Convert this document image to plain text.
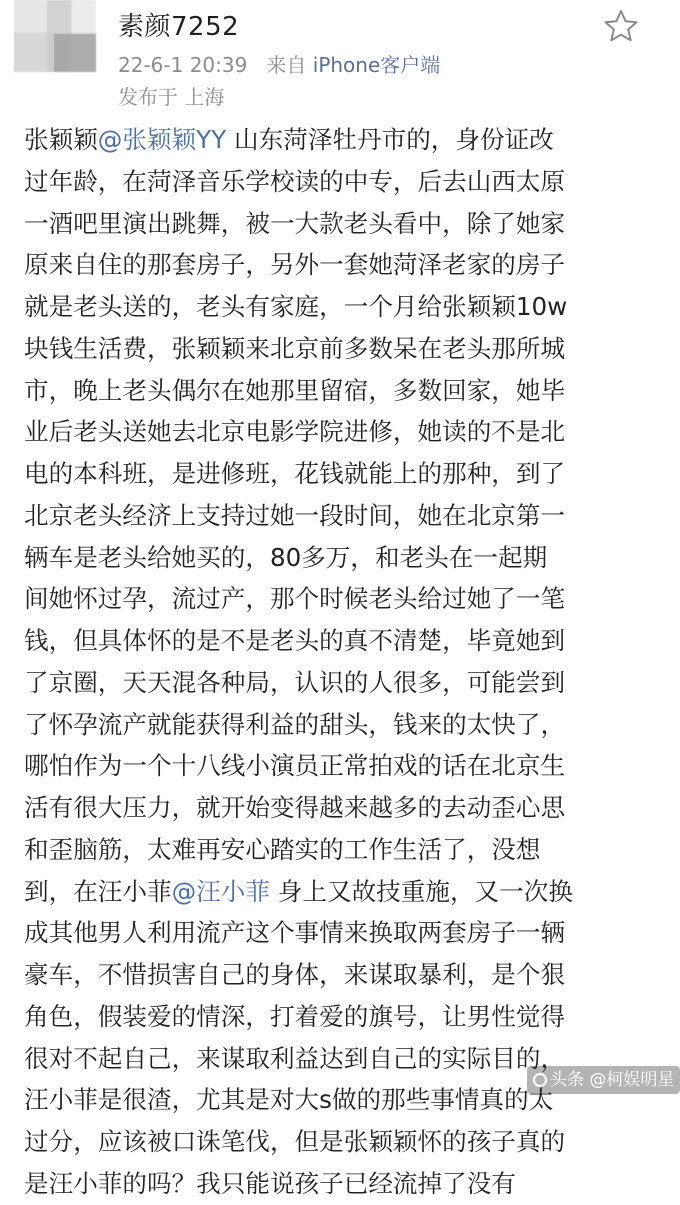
素颜7252
22-6-1 20:39 来自 iPhone客户端
发布于 上海
张颖颖@张颖颖YY 山东菏泽牡丹市的，身份证改
过年龄，在菏泽音乐学校读的中专，后去山西太原
一酒吧里演出跳舞，被一大款老头看中，除了她家
原来自住的那套房子，另外一套她菏泽老家的房子
就是老头送的，老头有家庭，一个月给张颖颖10w
块钱生活费，张颖颖来北京前多数呆在老头那所城
市，晚上老头偶尔在她那里留宿，多数回家，她毕
业后老头送她去北京电影学院进修，她读的不是北
电的本科班，是进修班，花钱就能上的那种，到了
北京老头经济上支持过她一段时间，她在北京第一
辆车是老头给她买的，80多万，和老头在一起期
间她怀过孕，流过产，那个时候老头给过她了一笔
钱，但具体怀的是不是老头的真不清楚，毕竟她到
了京圈，天天混各种局，认识的人很多，可能尝到
了怀孕流产就能获得利益的甜头，钱来的太快了，
哪怕作为一个十八线小演员正常拍戏的话在北京生
活有很大压力，就开始变得越来越多的去动歪心思
和歪脑筋，太难再安心踏实的工作生活了，没想
到，在汪小菲@汪小菲 身上又故技重施，又一次换
成其他男人利用流产这个事情来换取两套房子一辆
豪车，不惜损害自己的身体，来谋取暴利，是个狠
角色，假装爱的情深，打着爱的旗号，让男性觉得
很对不起自己，来谋取利益达到自己的实际目的，
汪小菲是很渣，尤其是对大s做的那些事情真的太
过分，应该被口诛笔伐，但是张颖颖怀的孩子真的
是汪小菲的吗？我只能说孩子已经流掉了没有
头条 @柯娱明星
